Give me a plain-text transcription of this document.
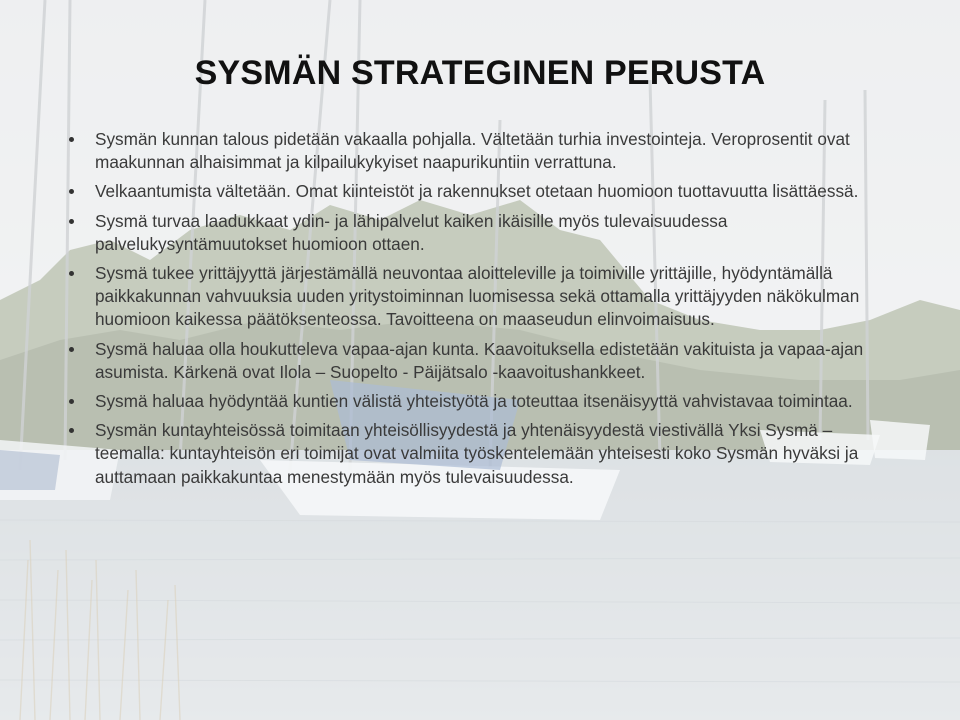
SYSMÄN STRATEGINEN PERUSTA
Sysmän kunnan talous pidetään vakaalla pohjalla. Vältetään turhia investointeja. Veroprosentit ovat maakunnan alhaisimmat ja kilpailukykyiset naapurikuntiin verrattuna.
Velkaantumista vältetään. Omat kiinteistöt ja rakennukset otetaan huomioon tuottavuutta lisättäessä.
Sysmä turvaa laadukkaat ydin- ja lähipalvelut kaiken ikäisille myös tulevaisuudessa palvelukysyntämuutokset huomioon ottaen.
Sysmä tukee yrittäjyyttä järjestämällä neuvontaa aloitteleville ja toimiville yrittäjille, hyödyntämällä paikkakunnan vahvuuksia uuden yritystoiminnan luomisessa sekä ottamalla yrittäjyyden näkökulman huomioon kaikessa päätöksenteossa. Tavoitteena on maaseudun elinvoimaisuus.
Sysmä haluaa olla houkutteleva vapaa-ajan kunta. Kaavoituksella edistetään vakituista ja vapaa-ajan asumista. Kärkenä ovat Ilola – Suopelto - Päijätsalo -kaavoitushankkeet.
Sysmä haluaa hyödyntää kuntien välistä yhteistyötä ja toteuttaa itsenäisyyttä vahvistavaa toimintaa.
Sysmän kuntayhteisössä toimitaan yhteisöllisyydestä ja yhtenäisyydestä viestivällä Yksi Sysmä –teemalla: kuntayhteisön eri toimijat ovat valmiita työskentelemään yhteisesti koko Sysmän hyväksi ja auttamaan paikkakuntaa menestymään myös tulevaisuudessa.
